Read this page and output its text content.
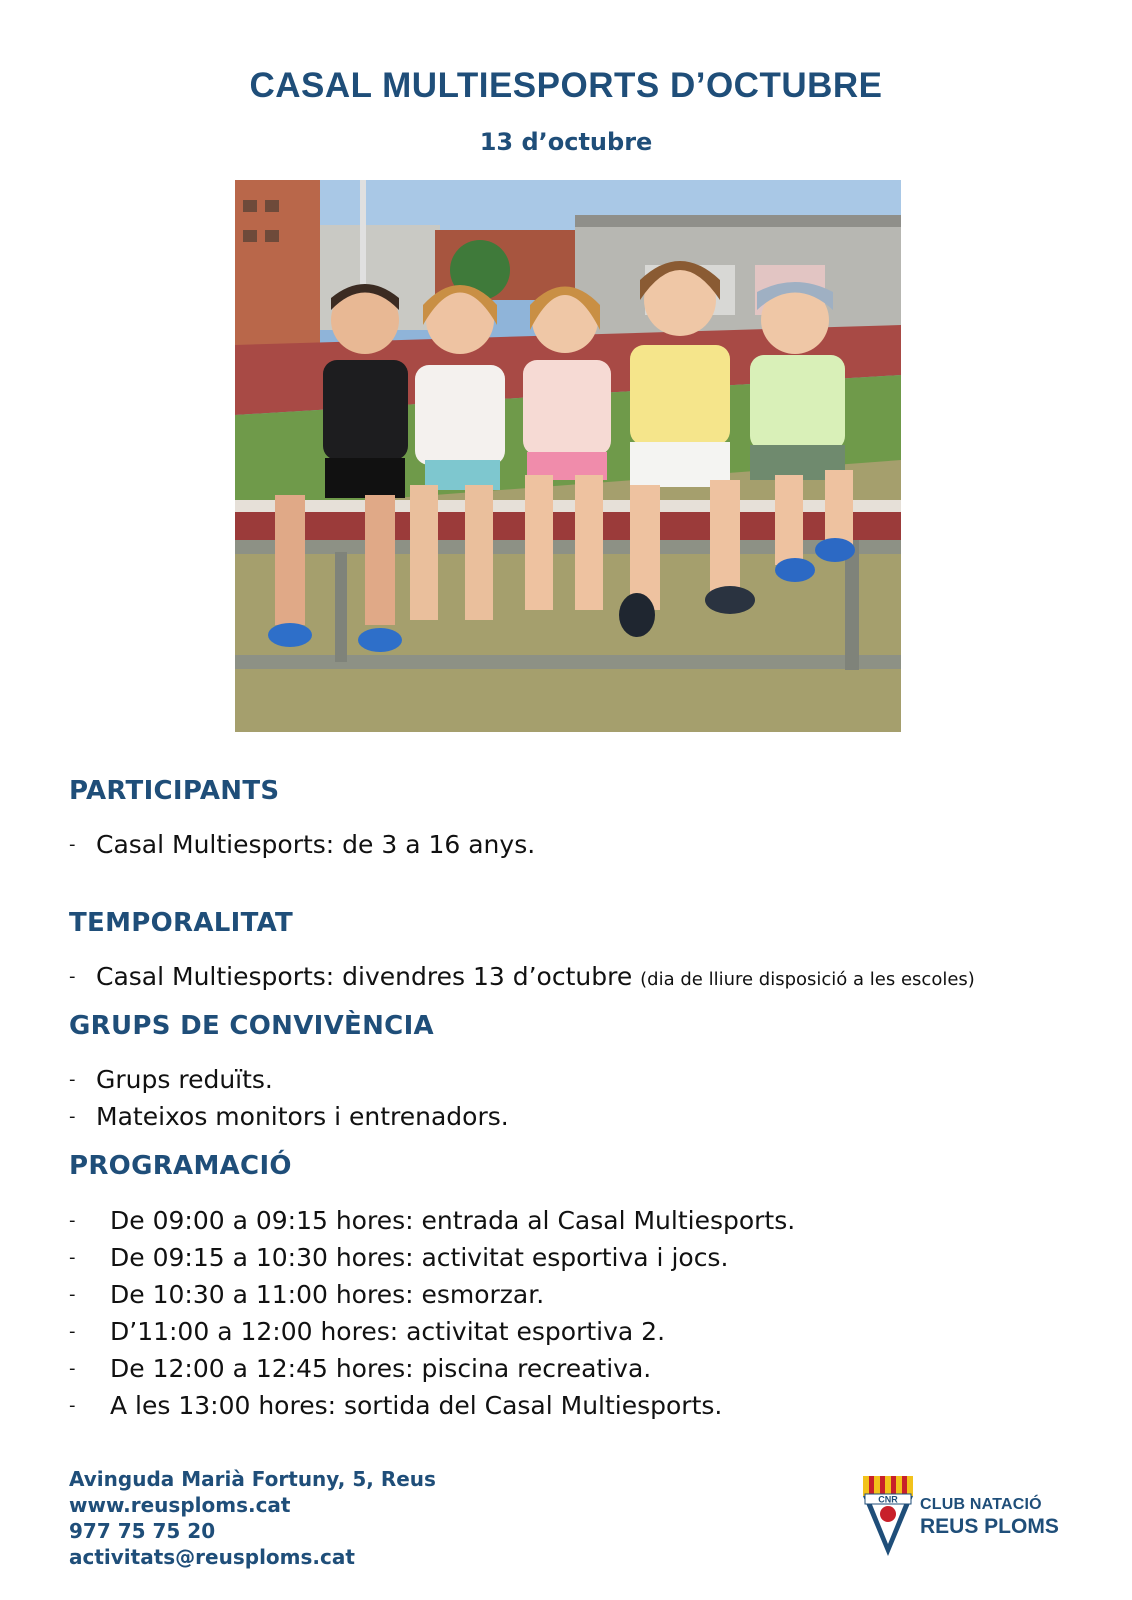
CASAL MULTIESPORTS D’OCTUBRE
13 d’octubre
PARTICIPANTS
- Casal Multiesports: de 3 a 16 anys.
TEMPORALITAT
- Casal Multiesports: divendres 13 d’octubre (dia de lliure disposició a les escoles)
GRUPS DE CONVIVÈNCIA
- Grups reduïts.
- Mateixos monitors i entrenadors.
PROGRAMACIÓ
- De 09:00 a 09:15 hores: entrada al Casal Multiesports.
- De 09:15 a 10:30 hores: activitat esportiva i jocs.
- De 10:30 a 11:00 hores: esmorzar.
- D’11:00 a 12:00 hores: activitat esportiva 2.
- De 12:00 a 12:45 hores: piscina recreativa.
- A les 13:00 hores: sortida del Casal Multiesports.
Avinguda Marià Fortuny, 5, Reus
www.reusploms.cat
977 75 75 20
activitats@reusploms.cat
CNR CLUB NATACIÓ
REUS PLOMS
